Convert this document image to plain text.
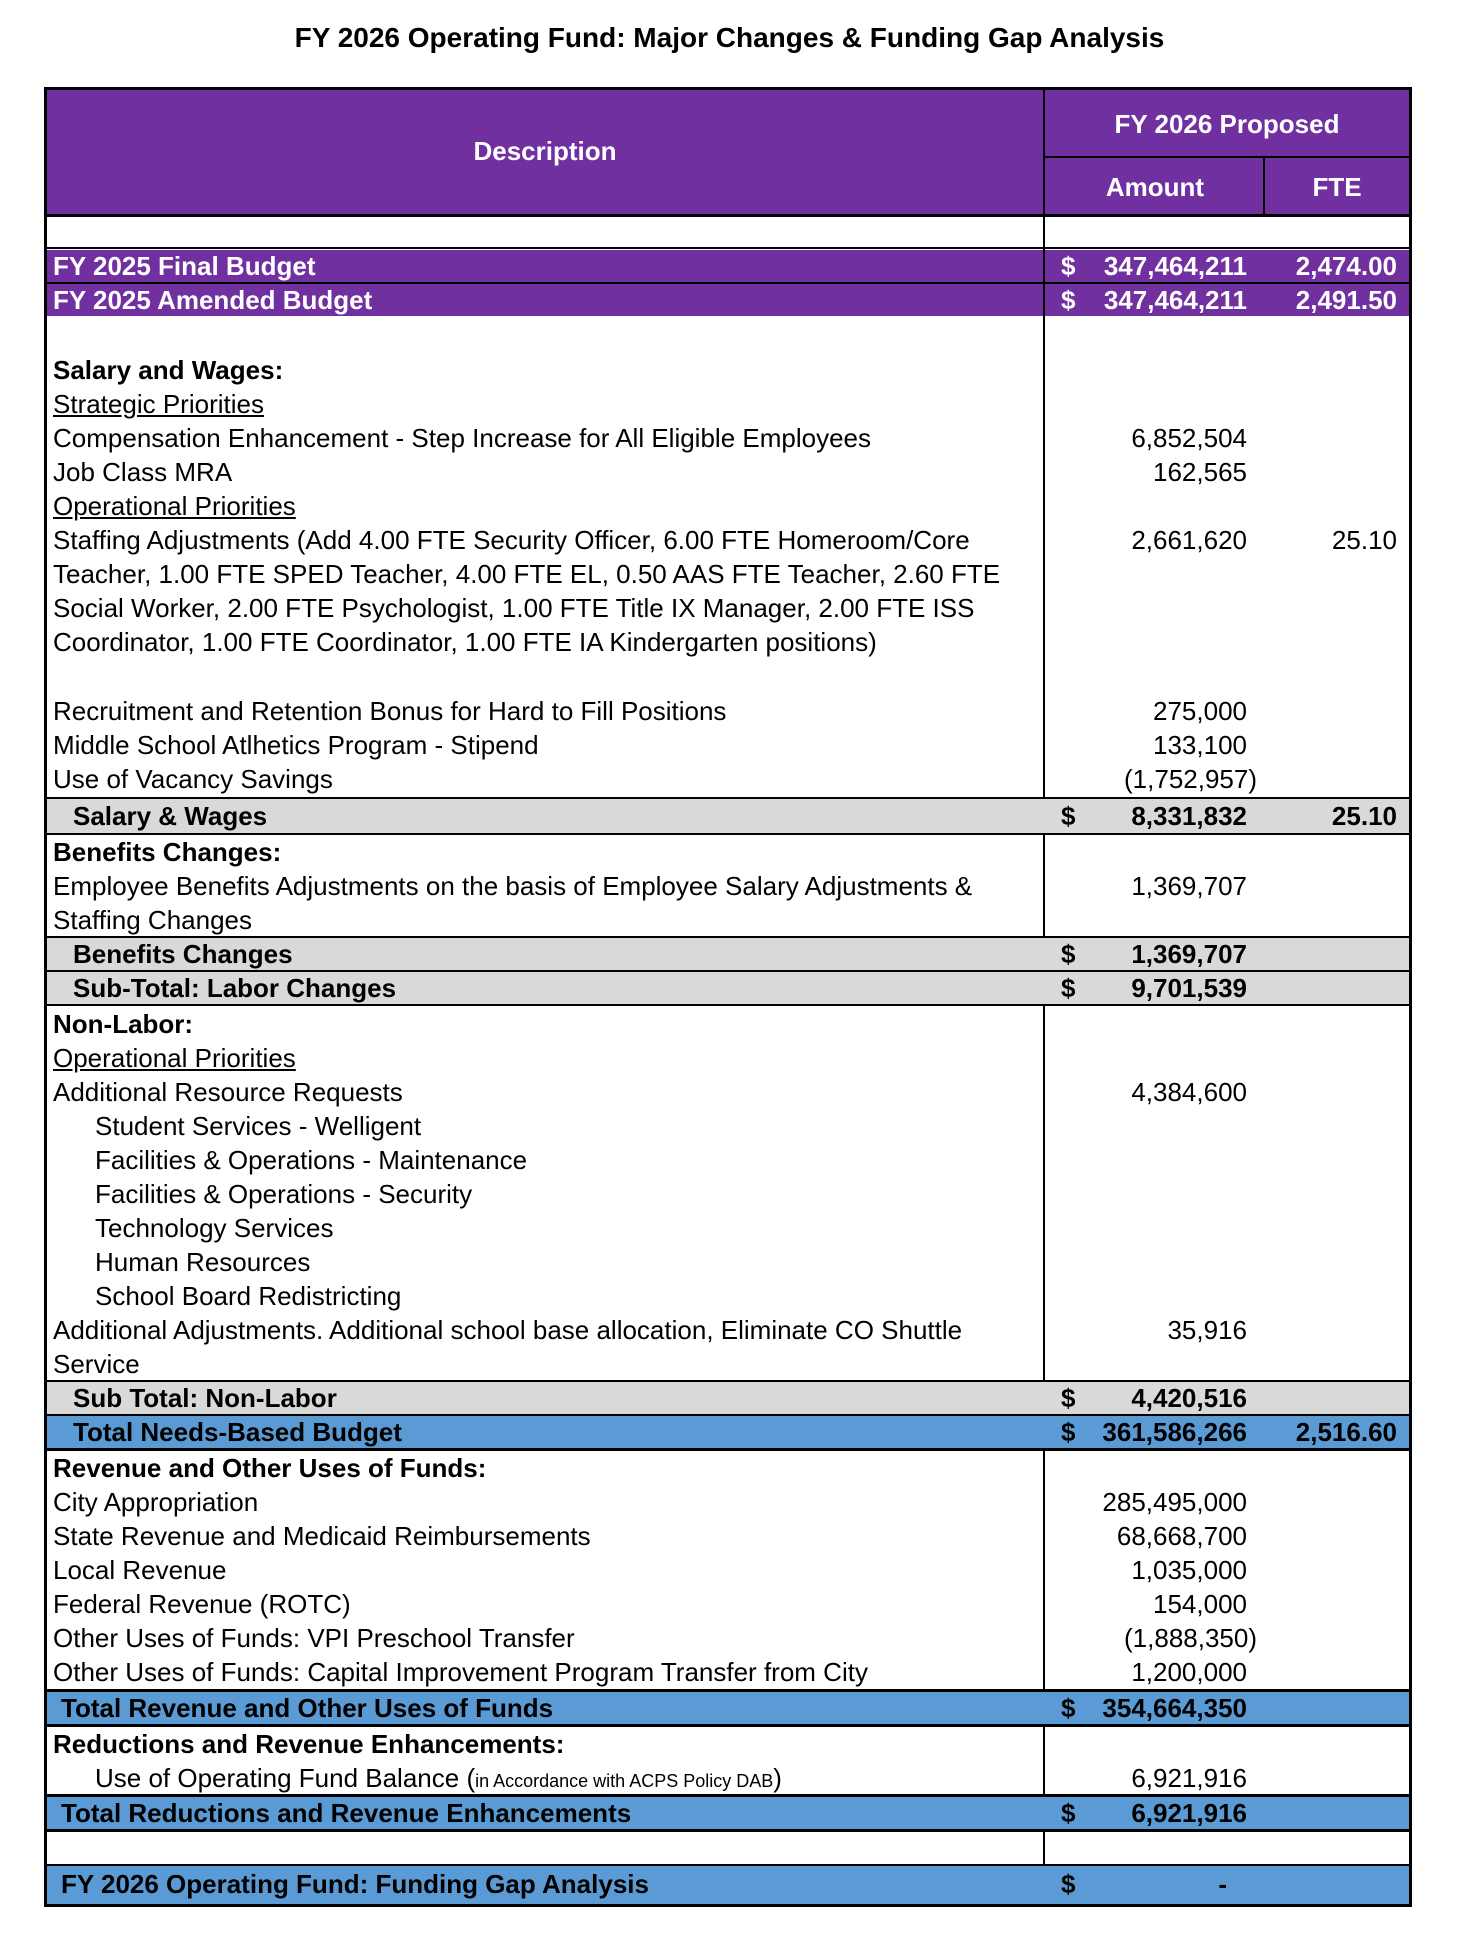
FY 2026 Operating Fund: Major Changes & Funding Gap Analysis
Description
FY 2026 Proposed
Amount	FTE
FY 2025 Final Budget	$	347,464,211	2,474.00
FY 2025 Amended Budget	$	347,464,211	2,491.50
Salary and Wages:
Strategic Priorities
Compensation Enhancement - Step Increase for All Eligible Employees	6,852,504
Job Class MRA	162,565
Operational Priorities
Staffing Adjustments (Add 4.00 FTE Security Officer, 6.00 FTE Homeroom/Core Teacher, 1.00 FTE SPED Teacher, 4.00 FTE EL, 0.50 AAS FTE Teacher, 2.60 FTE Social Worker, 2.00 FTE Psychologist, 1.00 FTE Title IX Manager, 2.00 FTE ISS Coordinator, 1.00 FTE Coordinator, 1.00 FTE IA Kindergarten positions)
2,661,620	25.10
Recruitment and Retention Bonus for Hard to Fill Positions	275,000
Middle School Atlhetics Program - Stipend	133,100
Use of Vacancy Savings	(1,752,957)
Salary & Wages	$	8,331,832	25.10
Benefits Changes:
Employee Benefits Adjustments on the basis of Employee Salary Adjustments & Staffing Changes
1,369,707
Benefits Changes	$	1,369,707
Sub-Total: Labor Changes	$	9,701,539
Non-Labor:
Operational Priorities
Additional Resource Requests	4,384,600
Student Services - Welligent
Facilities & Operations - Maintenance
Facilities & Operations - Security
Technology Services
Human Resources
School Board Redistricting
Additional Adjustments. Additional school base allocation, Eliminate CO Shuttle Service
35,916
Sub Total: Non-Labor	$	4,420,516
Total Needs-Based Budget	$	361,586,266	2,516.60
Revenue and Other Uses of Funds:
City Appropriation	285,495,000
State Revenue and Medicaid Reimbursements	68,668,700
Local Revenue	1,035,000
Federal Revenue (ROTC)	154,000
Other Uses of Funds: VPI Preschool Transfer	(1,888,350)
Other Uses of Funds: Capital Improvement Program Transfer from City	1,200,000
Total Revenue and Other Uses of Funds	$	354,664,350
Reductions and Revenue Enhancements:
Use of Operating Fund Balance (in Accordance with ACPS Policy DAB)	6,921,916
Total Reductions and Revenue Enhancements	$	6,921,916
FY 2026 Operating Fund: Funding Gap Analysis	$	-
